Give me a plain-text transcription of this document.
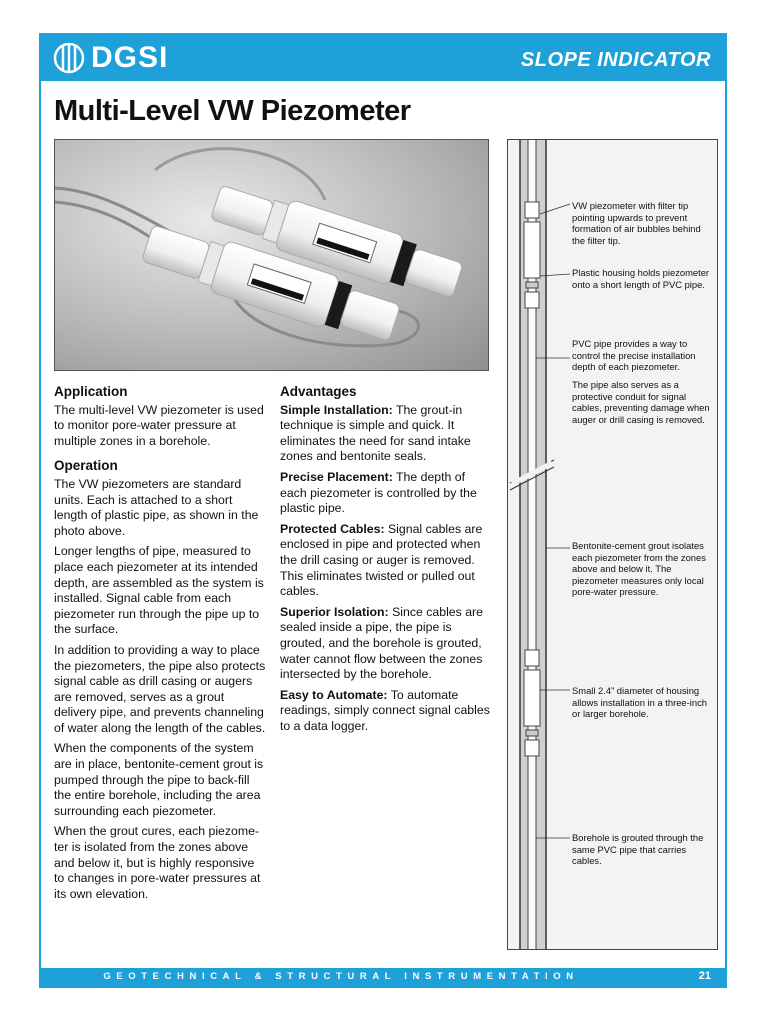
DGSI	SLOPE INDICATOR
Multi-Level VW Piezometer
Application

The multi-level VW piezometer is used to monitor pore-water pressure at multiple zones in a borehole.

Operation

The VW piezometers are standard units. Each is attached to a short length of plastic pipe, as shown in the photo above.

Longer lengths of pipe, measured to place each piezometer at its intended depth, are assembled as the system is installed. Signal cable from each piezometer run through the pipe up to the surface.

In addition to providing a way to place the piezometers, the pipe also protects signal cable as drill casing or augers are removed, serves as a grout delivery pipe, and prevents channeling of water along the length of the cables.

When the components of the system are in place, bentonite-cement grout is pumped through the pipe to back-fill the entire borehole, including the area surrounding each piezometer.

When the grout cures, each piezome-ter is isolated from the zones above and below it, but is highly responsive to changes in pore-water pressures at its own elevation.

Advantages

Simple Installation: The grout-in technique is simple and quick. It eliminates the need for sand intake zones and bentonite seals.

Precise Placement: The depth of each piezometer is controlled by the plastic pipe.

Protected Cables: Signal cables are enclosed in pipe and protected when the drill casing or auger is removed. This eliminates twisted or pulled out cables.

Superior Isolation: Since cables are sealed inside a pipe, the pipe is grouted, and the borehole is grouted, water cannot flow between the zones intersected by the borehole.

Easy to Automate: To automate readings, simply connect signal cables to a data logger.

VW piezometer with filter tip pointing upwards to prevent formation of air bubbles behind the filter tip.
Plastic housing holds piezometer onto a short length of PVC pipe.
PVC pipe provides a way to control the precise installation depth of each piezometer.
The pipe also serves as a protective conduit for signal cables, preventing damage when auger or drill casing is removed.
Bentonite-cement grout isolates each piezometer from the zones above and below it. The piezometer measures only local pore-water pressure.
Small 2.4” diameter of housing allows installation in a three-inch or larger borehole.
Borehole is grouted through the same PVC pipe that carries cables.
GEOTECHNICAL & STRUCTURAL INSTRUMENTATION	21
